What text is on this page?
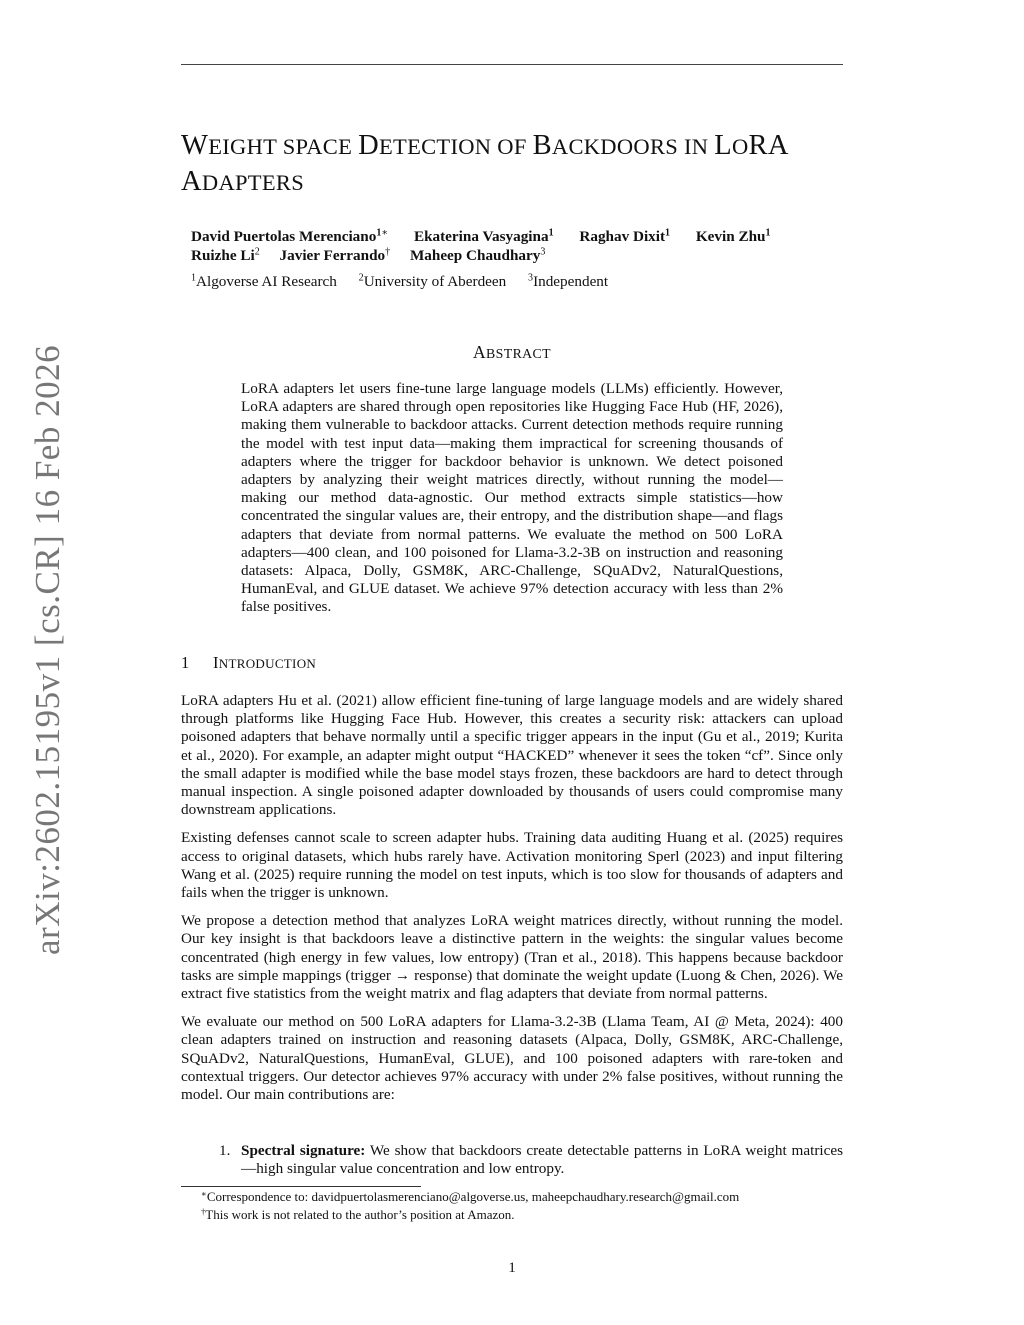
arXiv:2602.15195v1 [cs.CR] 16 Feb 2026
WEIGHT SPACE DETECTION OF BACKDOORS IN LORA
ADAPTERS
David Puertolas Merenciano$^{1∗}$ Ekaterina Vasyagina$^1$ Raghav Dixit$^1$ Kevin Zhu$^1$
Ruizhe Li$^2$ Javier Ferrando† Maheep Chaudhary$^3$
$^1$Algoverse AI Research $^2$University of Aberdeen $^3$Independent
ABSTRACT
LoRA adapters let users fine-tune large language models (LLMs) efficiently. However, LoRA adapters are shared through open repositories like Hugging Face Hub (HF, 2026), making them vulnerable to backdoor attacks. Current detection methods require running the model with test input data—making them impractical for screening thousands of adapters where the trigger for backdoor behavior is unknown. We detect poisoned adapters by analyzing their weight matrices directly, without running the model—making our method data-agnostic. Our method extracts simple statistics—how concentrated the singular values are, their entropy, and the distribution shape—and flags adapters that deviate from normal patterns. We evaluate the method on 500 LoRA adapters—400 clean, and 100 poisoned for Llama-3.2-3B on instruction and reasoning datasets: Alpaca, Dolly, GSM8K, ARC-Challenge, SQuADv2, NaturalQuestions, HumanEval, and GLUE dataset. We achieve 97% detection accuracy with less than 2% false positives.
1 INTRODUCTION

LoRA adapters Hu et al. (2021) allow efficient fine-tuning of large language models and are widely shared through platforms like Hugging Face Hub. However, this creates a security risk: attackers can upload poisoned adapters that behave normally until a specific trigger appears in the input (Gu et al., 2019; Kurita et al., 2020). For example, an adapter might output “HACKED” whenever it sees the token “cf”. Since only the small adapter is modified while the base model stays frozen, these backdoors are hard to detect through manual inspection. A single poisoned adapter downloaded by thousands of users could compromise many downstream applications.

Existing defenses cannot scale to screen adapter hubs. Training data auditing Huang et al. (2025) requires access to original datasets, which hubs rarely have. Activation monitoring Sperl (2023) and input filtering Wang et al. (2025) require running the model on test inputs, which is too slow for thousands of adapters and fails when the trigger is unknown.

We propose a detection method that analyzes LoRA weight matrices directly, without running the model. Our key insight is that backdoors leave a distinctive pattern in the weights: the singular values become concentrated (high energy in few values, low entropy) (Tran et al., 2018). This happens because backdoor tasks are simple mappings (trigger → response) that dominate the weight update (Luong & Chen, 2026). We extract five statistics from the weight matrix and flag adapters that deviate from normal patterns.

We evaluate our method on 500 LoRA adapters for Llama-3.2-3B (Llama Team, AI @ Meta, 2024): 400 clean adapters trained on instruction and reasoning datasets (Alpaca, Dolly, GSM8K, ARC-Challenge, SQuADv2, NaturalQuestions, HumanEval, GLUE), and 100 poisoned adapters with rare-token and contextual triggers. Our detector achieves 97% accuracy with under 2% false positives, without running the model. Our main contributions are:

1. Spectral signature: We show that backdoors create detectable patterns in LoRA weight matrices—high singular value concentration and low entropy.
∗Correspondence to: davidpuertolasmerenciano@algoverse.us, maheepchaudhary.research@gmail.com
†This work is not related to the author’s position at Amazon.
1
